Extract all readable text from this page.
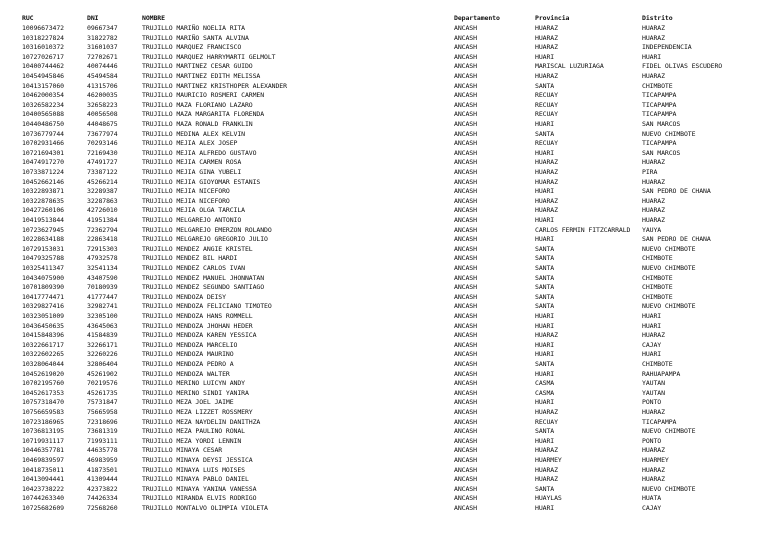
RUC	DNI	NOMBRE	Departamento	Provincia	Distrito
10096673472	09667347	TRUJILLO MARIÑO NOELIA RITA	ANCASH	HUARAZ	HUARAZ
10318227824	31822782	TRUJILLO MARIÑO SANTA ALVINA	ANCASH	HUARAZ	HUARAZ
10316010372	31601037	TRUJILLO MARQUEZ FRANCISCO	ANCASH	HUARAZ	INDEPENDENCIA
10727026717	72702671	TRUJILLO MARQUEZ HARRYMARTI GELMOLT	ANCASH	HUARI	HUARI
10400744462	40074446	TRUJILLO MARTINEZ CESAR GUIDO	ANCASH	MARISCAL LUZURIAGA	FIDEL OLIVAS ESCUDERO
10454945846	45494584	TRUJILLO MARTINEZ EDITH MELISSA	ANCASH	HUARAZ	HUARAZ
10413157060	41315706	TRUJILLO MARTINEZ KRISTHOPER ALEXANDER	ANCASH	SANTA	CHIMBOTE
10462000354	46200035	TRUJILLO MAURICIO ROSMERI CARMEN	ANCASH	RECUAY	TICAPAMPA
10326582234	32658223	TRUJILLO MAZA FLORIANO LAZARO	ANCASH	RECUAY	TICAPAMPA
10400565088	40056508	TRUJILLO MAZA MARGARITA FLORENDA	ANCASH	RECUAY	TICAPAMPA
10440486750	44048675	TRUJILLO MAZA RONALD FRANKLIN	ANCASH	HUARI	SAN MARCOS
10736779744	73677974	TRUJILLO MEDINA ALEX KELVIN	ANCASH	SANTA	NUEVO CHIMBOTE
10702931466	70293146	TRUJILLO MEJIA ALEX JOSEP	ANCASH	RECUAY	TICAPAMPA
10721694301	72169430	TRUJILLO MEJIA ALFREDO GUSTAVO	ANCASH	HUARI	SAN MARCOS
10474917270	47491727	TRUJILLO MEJIA CARMEN ROSA	ANCASH	HUARAZ	HUARAZ
10733871224	73387122	TRUJILLO MEJIA GINA YUBELI	ANCASH	HUARAZ	PIRA
10452662146	45266214	TRUJILLO MEJIA GIOYOMAR ESTANIS	ANCASH	HUARAZ	HUARAZ
10322893871	32289387	TRUJILLO MEJIA NICEFORO	ANCASH	HUARI	SAN PEDRO DE CHANA
10322878635	32287863	TRUJILLO MEJIA NICEFORO	ANCASH	HUARAZ	HUARAZ
10427260106	42726010	TRUJILLO MEJIA OLGA TARCILA	ANCASH	HUARAZ	HUARAZ
10419513844	41951384	TRUJILLO MELGAREJO ANTONIO	ANCASH	HUARI	HUARAZ
10723627945	72362794	TRUJILLO MELGAREJO EMERZON ROLANDO	ANCASH	CARLOS FERMIN FITZCARRALD YAUYA
10228634188	22863418	TRUJILLO MELGAREJO GREGORIO JULIO	ANCASH	HUARI	SAN PEDRO DE CHANA
10729153031	72915303	TRUJILLO MENDEZ ANGIE KRISTEL	ANCASH	SANTA	NUEVO CHIMBOTE
10479325788	47932578	TRUJILLO MENDEZ BIL HARDI	ANCASH	SANTA	CHIMBOTE
10325411347	32541134	TRUJILLO MENDEZ CARLOS IVAN	ANCASH	SANTA	NUEVO CHIMBOTE
10434075900	43407590	TRUJILLO MENDEZ MANUEL JHONNATAN	ANCASH	SANTA	CHIMBOTE
10701809390	70180939	TRUJILLO MENDEZ SEGUNDO SANTIAGO	ANCASH	SANTA	CHIMBOTE
10417774471	41777447	TRUJILLO MENDOZA DEISY	ANCASH	SANTA	CHIMBOTE
10329827416	32982741	TRUJILLO MENDOZA FELICIANO TIMOTEO	ANCASH	SANTA	NUEVO CHIMBOTE
10323051009	32305100	TRUJILLO MENDOZA HANS ROMMELL	ANCASH	HUARI	HUARI
10436450635	43645063	TRUJILLO MENDOZA JHOHAN HEDER	ANCASH	HUARI	HUARI
10415848396	41584839	TRUJILLO MENDOZA KAREN YESSICA	ANCASH	HUARAZ	HUARAZ
10322661717	32266171	TRUJILLO MENDOZA MARCELIO	ANCASH	HUARI	CAJAY
10322602265	32260226	TRUJILLO MENDOZA MAURINO	ANCASH	HUARI	HUARI
10328064044	32806404	TRUJILLO MENDOZA PEDRO A	ANCASH	SANTA	CHIMBOTE
10452619020	45261902	TRUJILLO MENDOZA WALTER	ANCASH	HUARI	RAHUAPAMPA
10702195760	70219576	TRUJILLO MERINO LUICYN ANDY	ANCASH	CASMA	YAUTAN
10452617353	45261735	TRUJILLO MERINO SINDI YANIRA	ANCASH	CASMA	YAUTAN
10757318470	75731847	TRUJILLO MEZA JOEL JAIME	ANCASH	HUARI	PONTO
10756659583	75665958	TRUJILLO MEZA LIZZET ROSSMERY	ANCASH	HUARAZ	HUARAZ
10723186965	72318696	TRUJILLO MEZA NAYDELIN DANITHZA	ANCASH	RECUAY	TICAPAMPA
10736813195	73681319	TRUJILLO MEZA PAULINO RONAL	ANCASH	SANTA	NUEVO CHIMBOTE
10719931117	71993111	TRUJILLO MEZA YORDI LENNIN	ANCASH	HUARI	PONTO
10446357781	44635778	TRUJILLO MINAYA CESAR	ANCASH	HUARAZ	HUARAZ
10469839597	46983959	TRUJILLO MINAYA DEYSI JESSICA	ANCASH	HUARMEY	HUARMEY
10418735011	41873501	TRUJILLO MINAYA LUIS MOISES	ANCASH	HUARAZ	HUARAZ
10413094441	41309444	TRUJILLO MINAYA PABLO DANIEL	ANCASH	HUARAZ	HUARAZ
10423738222	42373822	TRUJILLO MINAYA YANINA VANESSA	ANCASH	SANTA	NUEVO CHIMBOTE
10744263340	74426334	TRUJILLO MIRANDA ELVIS RODRIGO	ANCASH	HUAYLAS	HUATA
10725682609	72568260	TRUJILLO MONTALVO OLIMPIA VIOLETA	ANCASH	HUARI	CAJAY
